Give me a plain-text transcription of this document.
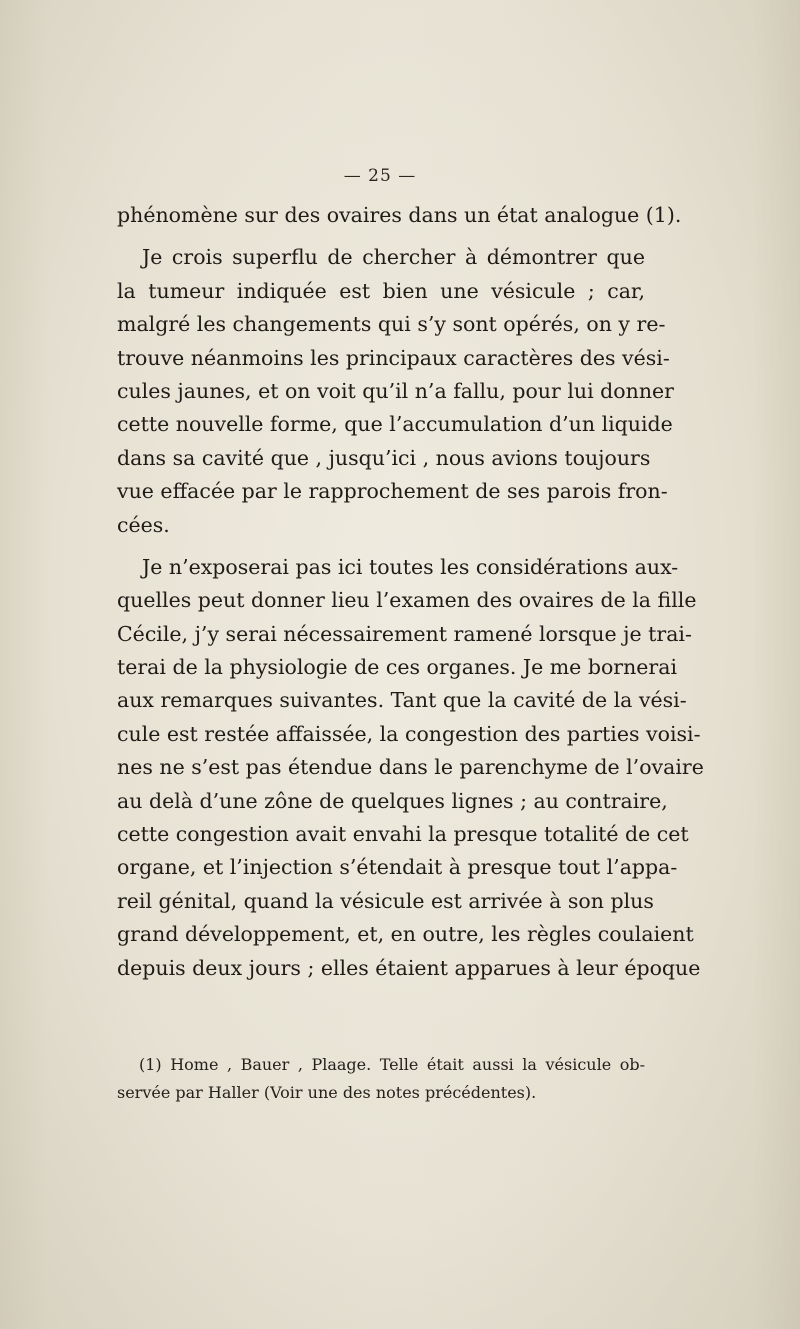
— 25 —
phénomène sur des ovaires dans un état analogue (1).
Je crois superflu de chercher à démontrer que
la tumeur indiquée est bien une vésicule ; car,
malgré les changements qui s’y sont opérés, on y re-
trouve néanmoins les principaux caractères des vési-
cules jaunes, et on voit qu’il n’a fallu, pour lui donner
cette nouvelle forme, que l’accumulation d’un liquide
dans sa cavité que , jusqu’ici , nous avions toujours
vue effacée par le rapprochement de ses parois fron-
cées.
Je n’exposerai pas ici toutes les considérations aux-
quelles peut donner lieu l’examen des ovaires de la fille
Cécile, j’y serai nécessairement ramené lorsque je trai-
terai de la physiologie de ces organes. Je me bornerai
aux remarques suivantes. Tant que la cavité de la vési-
cule est restée affaissée, la congestion des parties voisi-
nes ne s’est pas étendue dans le parenchyme de l’ovaire
au delà d’une zône de quelques lignes ; au contraire,
cette congestion avait envahi la presque totalité de cet
organe, et l’injection s’étendait à presque tout l’appa-
reil génital, quand la vésicule est arrivée à son plus
grand développement, et, en outre, les règles coulaient
depuis deux jours ; elles étaient apparues à leur époque
(1) Home , Bauer , Plaage. Telle était aussi la vésicule ob-
servée par Haller (Voir une des notes précédentes).
